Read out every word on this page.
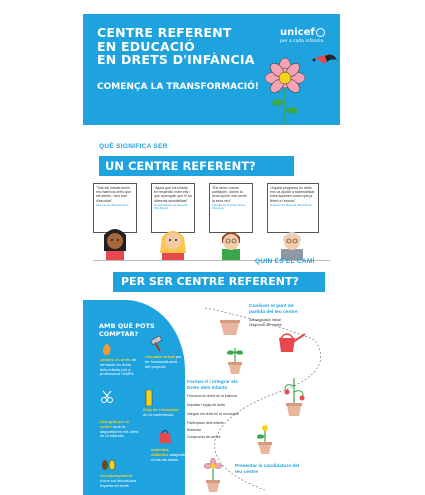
CENTRE REFERENT
EN EDUCACIÓ
EN DRETS D'INFÀNCIA
COMENÇA LA TRANSFORMACIÓ!
unicef
per a cada infància
QUÈ SIGNIFICA SER
UN CENTRE REFERENT?
"Tots els infants tenim els mateixos drets que els adults, i ens han d'escoltar"
Alumna de l'Escola Sant
"Ajuda que els infants en respectin entre ells i que aprenguin que hi ha diferents sensibilitats"
Coordinadora de l'Escola Vila Parula
"Els nens i nenes participen, donen la seva opinió i fan sentir la seva veu"
Família de l'Institut Nova Vilanova
"Aquest programa en drets ens va ajudar a sistematitzar totes aquelles coses que ja fèiem a l'escola"
Direcció de l'Escola Vila Parula
QUIN ÉS EL CAMÍ
PER SER CENTRE REFERENT?
AMB QUÈ POTS
COMPTAR?
camins en drets de formació en drets dels infants per a professorat i AMPA
Una aula virtual per fer l'autoavaluació del projecte
Guia de l'educador de la conferència
Una guia per al centre amb la seguretat en els drets de la infància
materials didàctics adaptats a tots els cicles
Acompanyament d'una col·laboradora experta en drets
Conèixer el punt de partida del teu centre
Autoavaluació inicial
Diagnòstic del centre
Formar-ti i integrar els Drets dels Infants
Formació en drets de la infància
Impulsar l'equip de drets
Integrar els drets en el currículum
Participació dels infants
Benestar
Compromís de centre
Presentar la candidatura del teu centre
